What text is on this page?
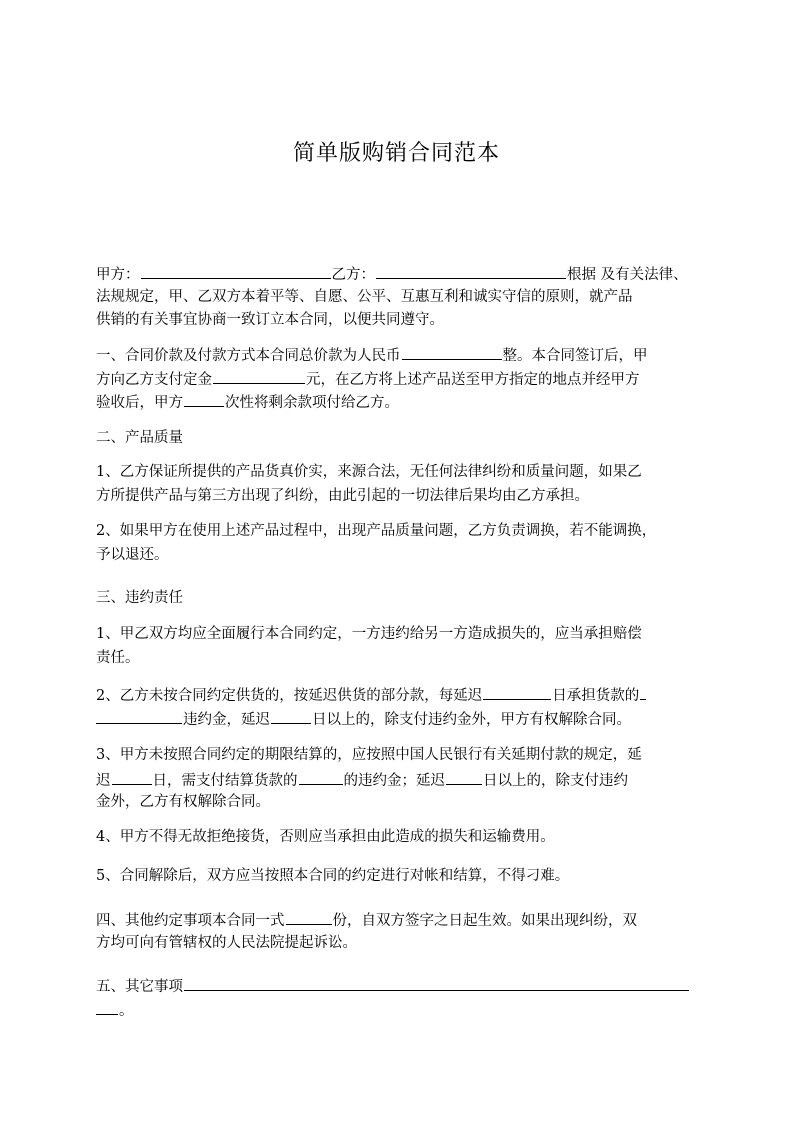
简单版购销合同范本
甲方：	乙方：	根据 及有关法律、
法规规定，甲、乙双方本着平等、自愿、公平、互惠互利和诚实守信的原则，就产品
供销的有关事宜协商一致订立本合同，以便共同遵守。
一、合同价款及付款方式本合同总价款为人民币	整。本合同签订后，甲
方向乙方支付定金	元，在乙方将上述产品送至甲方指定的地点并经甲方
验收后，甲方	次性将剩余款项付给乙方。
二、产品质量
1、乙方保证所提供的产品货真价实，来源合法，无任何法律纠纷和质量问题，如果乙
方所提供产品与第三方出现了纠纷，由此引起的一切法律后果均由乙方承担。
2、如果甲方在使用上述产品过程中，出现产品质量问题，乙方负责调换，若不能调换，
予以退还。
三、违约责任
1、甲乙双方均应全面履行本合同约定，一方违约给另一方造成损失的，应当承担赔偿
责任。
2、乙方未按合同约定供货的，按延迟供货的部分款，每延迟	日承担货款的
违约金，延迟	日以上的，除支付违约金外，甲方有权解除合同。
3、甲方未按照合同约定的期限结算的，应按照中国人民银行有关延期付款的规定，延
迟	日，需支付结算货款的	的违约金；延迟	日以上的，除支付违约
金外，乙方有权解除合同。
4、甲方不得无故拒绝接货，否则应当承担由此造成的损失和运输费用。
5、合同解除后，双方应当按照本合同的约定进行对帐和结算，不得刁难。
四、其他约定事项本合同一式	份，自双方签字之日起生效。如果出现纠纷，双
方均可向有管辖权的人民法院提起诉讼。
五、其它事项
。
